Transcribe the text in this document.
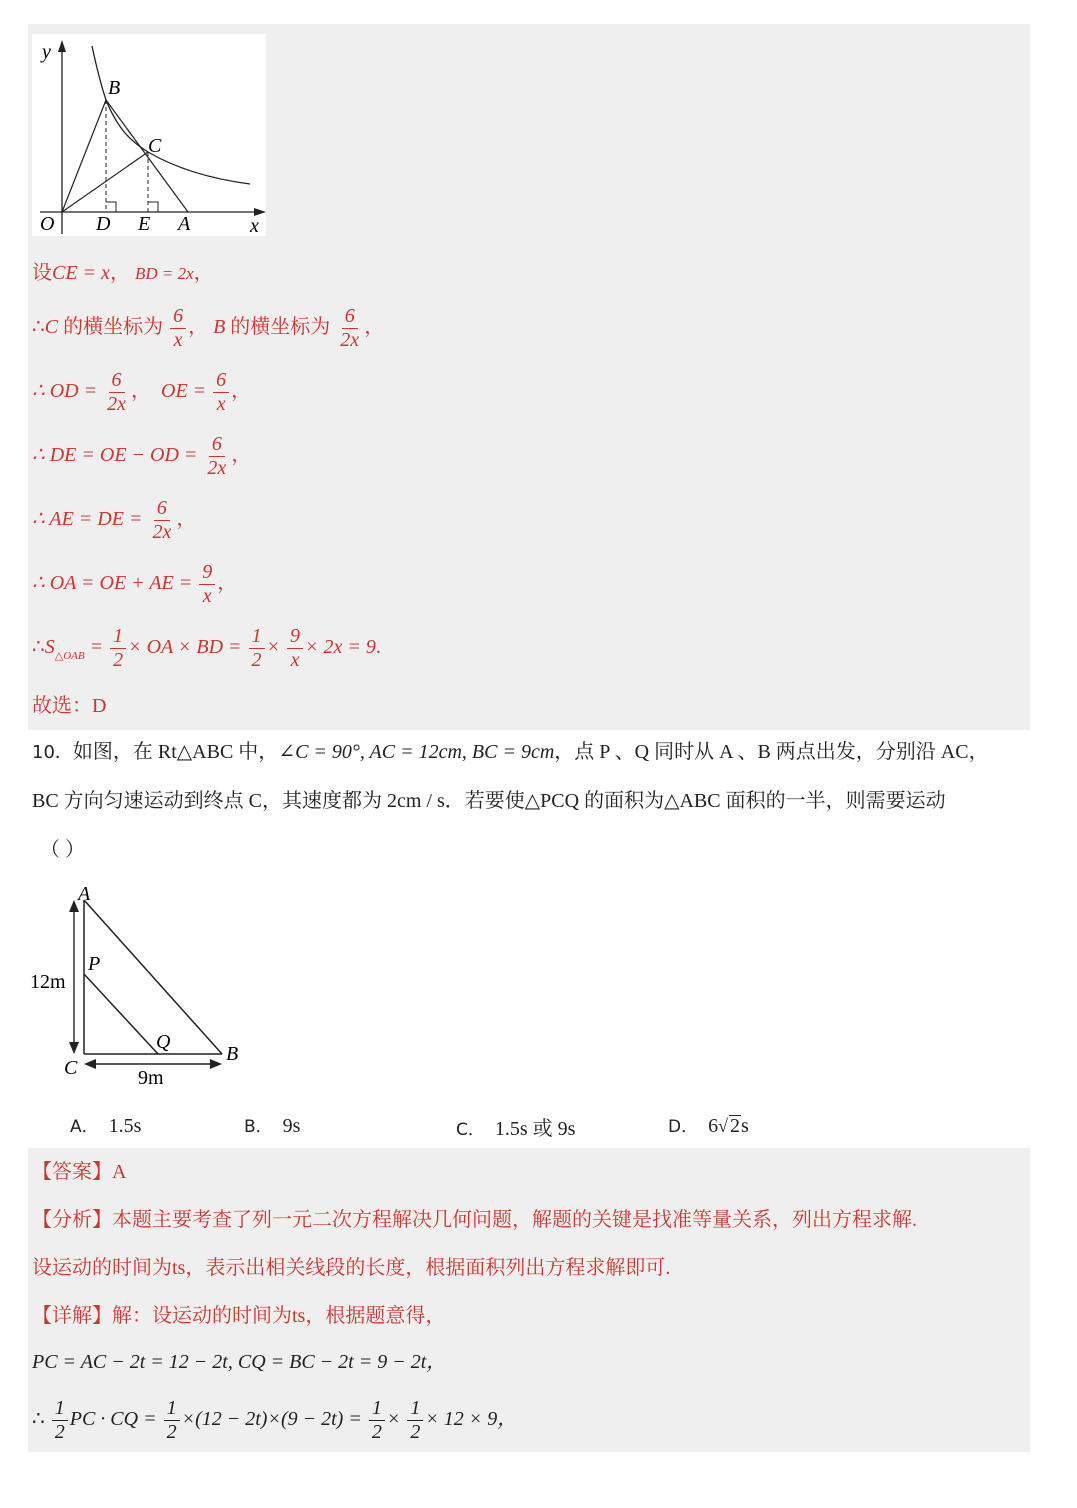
y
x
O
B
C
D E A
设CE = x， BD = 2x，
∴C 的横坐标为 $\frac{6}{x}$ ， B 的横坐标为 $\frac{6}{2x}$ ，
∴ OD = $\frac{6}{2x}$ ， OE = $\frac{6}{x}$ ，
∴ DE = OE − OD = $\frac{6}{2x}$ ，
∴ AE = DE = $\frac{6}{2x}$ ，
∴ OA = OE + AE = $\frac{9}{x}$ ，
$\therefore S_{\triangle OAB} = \frac{1}{2}$ × OA × BD = $\frac{1}{2} \times \frac{9}{x} \times 2x = 9$.
故选：D
10．如图，在 Rt△ABC 中，∠C = 90°, AC = 12cm, BC = 9cm，点 P 、Q 同时从 A 、B 两点出发，分别沿 AC，
BC 方向匀速运动到终点 C，其速度都为 2cm / s．若要使△PCQ 的面积为△ABC 面积的一半，则需要运动
（ ）
A
P
Q
C
B
12m
9m
A． 1.5s	B． 9s	C． 1.5s 或 9s	D． 6√ 2s
【答案】A
【分析】本题主要考查了列一元二次方程解决几何问题，解题的关键是找准等量关系，列出方程求解.
设运动的时间为ts，表示出相关线段的长度，根据面积列出方程求解即可.
【详解】解：设运动的时间为ts，根据题意得，
PC = AC − 2t = 12 − 2t, CQ = BC − 2t = 9 − 2t，
∴ $\frac{1}{2}$ PC · CQ = $\frac{1}{2} \times(12 - 2t)\times(9 - 2t) = \frac{1}{2} \times \frac{1}{2} \times 12 \times 9$，
